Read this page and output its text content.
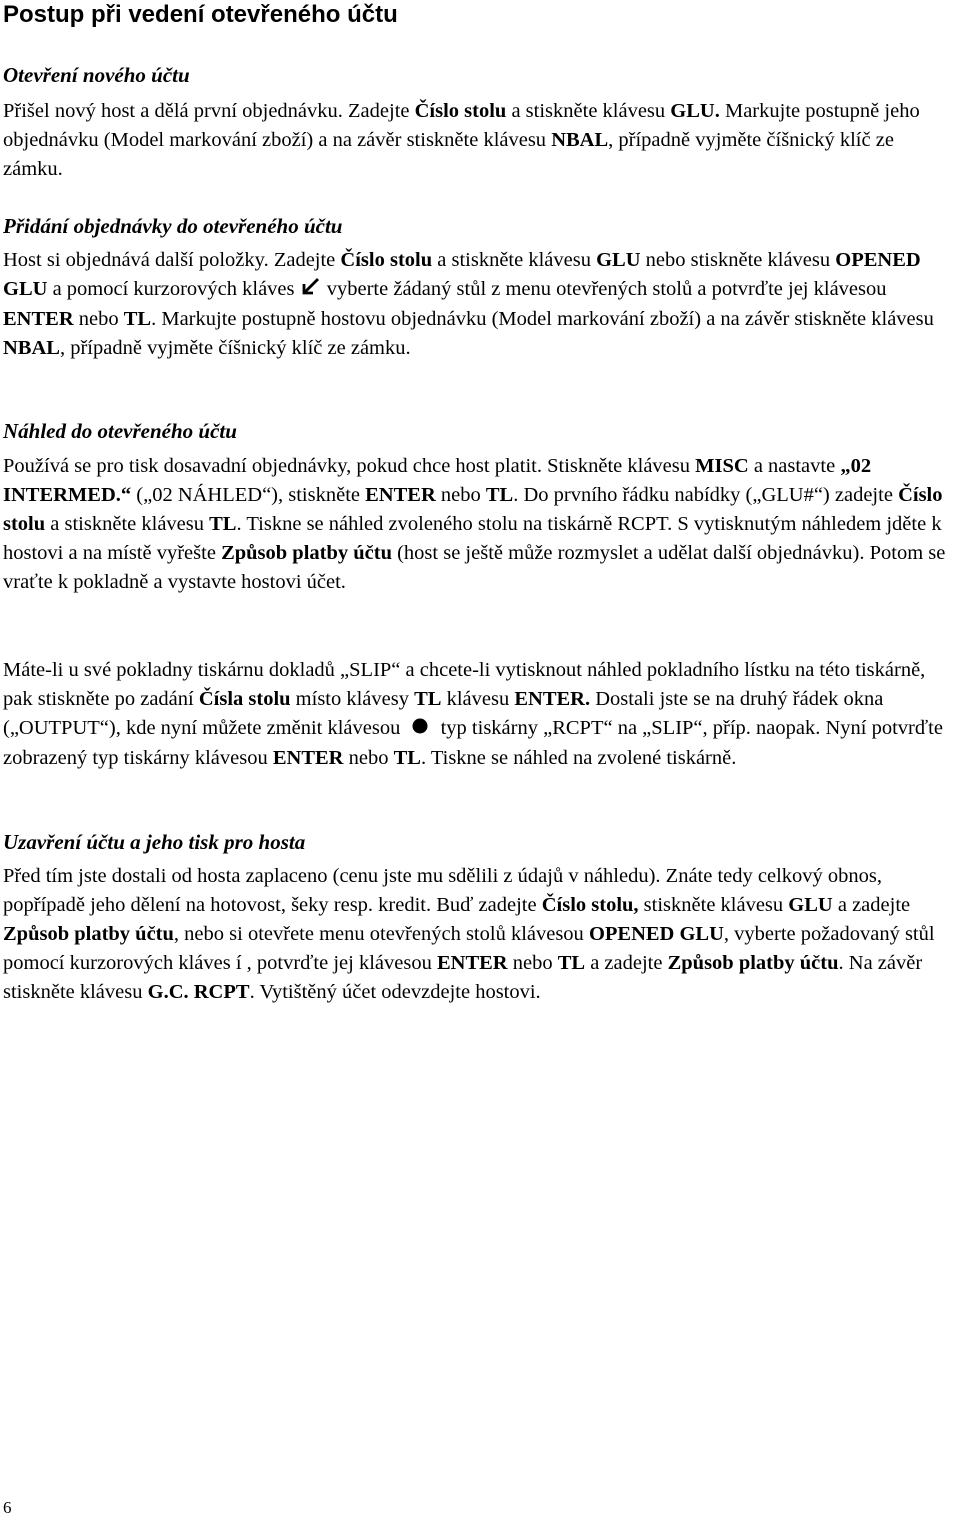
Postup při vedení otevřeného účtu
Otevření nového účtu

Přišel nový host a dělá první objednávku. Zadejte Číslo stolu a stiskněte klávesu GLU. Markujte postupně jeho objednávku (Model markování zboží) a na závěr stiskněte klávesu NBAL, případně vyjměte číšnický klíč ze zámku.

Přidání objednávky do otevřeného účtu

Host si objednává další položky. Zadejte Číslo stolu a stiskněte klávesu GLU nebo stiskněte klávesu OPENED GLU a pomocí kurzorových kláves  vyberte žádaný stůl z menu otevřených stolů a potvrďte jej klávesou ENTER nebo TL. Markujte postupně hostovu objednávku (Model markování zboží) a na závěr stiskněte klávesu NBAL, případně vyjměte číšnický klíč ze zámku.

Náhled do otevřeného účtu

Používá se pro tisk dosavadní objednávky, pokud chce host platit. Stiskněte klávesu MISC a nastavte „02 INTERMED.“ („02 NÁHLED“), stiskněte ENTER nebo TL. Do prvního řádku nabídky („GLU#“) zadejte Číslo stolu a stiskněte klávesu TL. Tiskne se náhled zvoleného stolu na tiskárně RCPT. S vytisknutým náhledem jděte k hostovi a na místě vyřešte Způsob platby účtu (host se ještě může rozmyslet a udělat další objednávku). Potom se vraťte k pokladně a vystavte hostovi účet.

Máte-li u své pokladny tiskárnu dokladů „SLIP“ a chcete-li vytisknout náhled pokladního lístku na této tiskárně, pak stiskněte po zadání Čísla stolu místo klávesy TL klávesu ENTER. Dostali jste se na druhý řádek okna („OUTPUT“), kde nyní můžete změnit klávesou  typ tiskárny „RCPT“ na „SLIP“, příp. naopak. Nyní potvrďte zobrazený typ tiskárny klávesou ENTER nebo TL. Tiskne se náhled na zvolené tiskárně.

Uzavření účtu a jeho tisk pro hosta

Před tím jste dostali od hosta zaplaceno (cenu jste mu sdělili z údajů v náhledu). Znáte tedy celkový obnos, popřípadě jeho dělení na hotovost, šeky resp. kredit. Buď zadejte Číslo stolu, stiskněte klávesu GLU a zadejte Způsob platby účtu, nebo si otevřete menu otevřených stolů klávesou OPENED GLU, vyberte požadovaný stůl pomocí kurzorových kláves í , potvrďte jej klávesou ENTER nebo TL a zadejte Způsob platby účtu. Na závěr stiskněte klávesu G.C. RCPT. Vytištěný účet odevzdejte hostovi.

6
